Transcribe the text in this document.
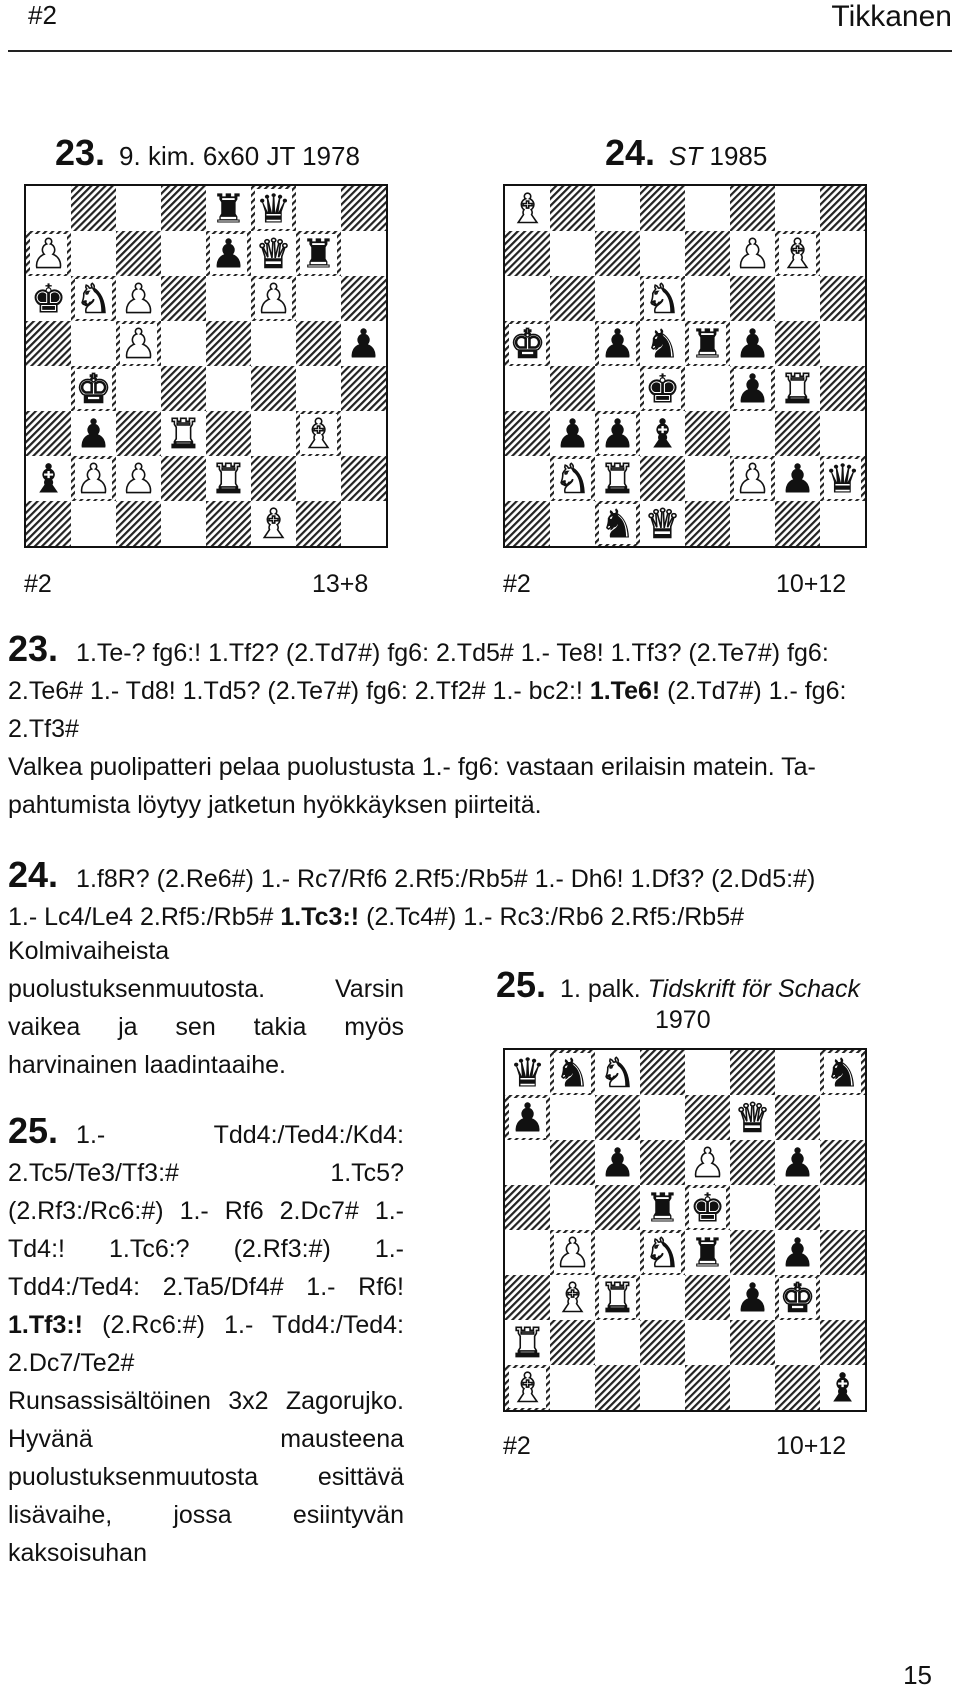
#2	Tikkanen
23. 9. kim. 6x60 JT 1978
♜ ♛
♟	♟ ♛ ♜
♚ ♞ ♟ ♟
♟	♟
♚
♟ ♜ ♝
♝ ♟ ♟ ♜
♝
#2	13+8
24. ST 1985
♝
♟ ♝
♞
♚ ♟ ♞ ♜ ♟
♚ ♟ ♜
♟ ♟ ♝
♞ ♜ ♟ ♟ ♛
♞ ♛
#2	10+12

23. 1.Te-? fg6:! 1.Tf2? (2.Td7#) fg6: 2.Td5# 1.- Te8! 1.Tf3? (2.Te7#) fg6:

2.Te6# 1.- Td8! 1.Td5? (2.Te7#) fg6: 2.Tf2# 1.- bc2:! 1.Te6! (2.Td7#) 1.- fg6:

2.Tf3#

Valkea puolipatteri pelaa puolustusta 1.- fg6: vastaan erilaisin matein. Ta-

pahtumista löytyy jatketun hyökkäyksen piirteitä.

24. 1.f8R? (2.Re6#) 1.- Rc7/Rf6 2.Rf5:/Rb5# 1.- Dh6! 1.Df3? (2.Dd5:#)

1.- Lc4/Le4 2.Rf5:/Rb5# 1.Tc3:! (2.Tc4#) 1.- Rc3:/Rb6 2.Rf5:/Rb5#

Kolmivaiheista puolustuksenmuutosta. Varsin vaikea ja sen takia myös harvinainen laadintaaihe.

25. 1. palk. Tidskrift för Schack
1970
♛ ♞ ♞	♞
♟	♛
♟ ♟ ♟
♜ ♚
♟ ♞ ♜ ♟
♝ ♜ ♟ ♚
♜
♝	♝
#2	10+12

25. 1.- Tdd4:/Ted4:/Kd4: 2.Tc5/Te3/Tf3:# 1.Tc5? (2.Rf3:/Rc6:#) 1.- Rf6 2.Dc7# 1.- Td4:! 1.Tc6:? (2.Rf3:#) 1.- Tdd4:/Ted4: 2.Ta5/Df4# 1.- Rf6! 1.Tf3:! (2.Rc6:#) 1.- Tdd4:/Ted4: 2.Dc7/Te2#

Runsassisältöinen 3x2 Zagorujko. Hyvänä mausteena puolustuksenmuutosta esittävä lisävaihe, jossa esiintyvän kaksoisuhan

15
